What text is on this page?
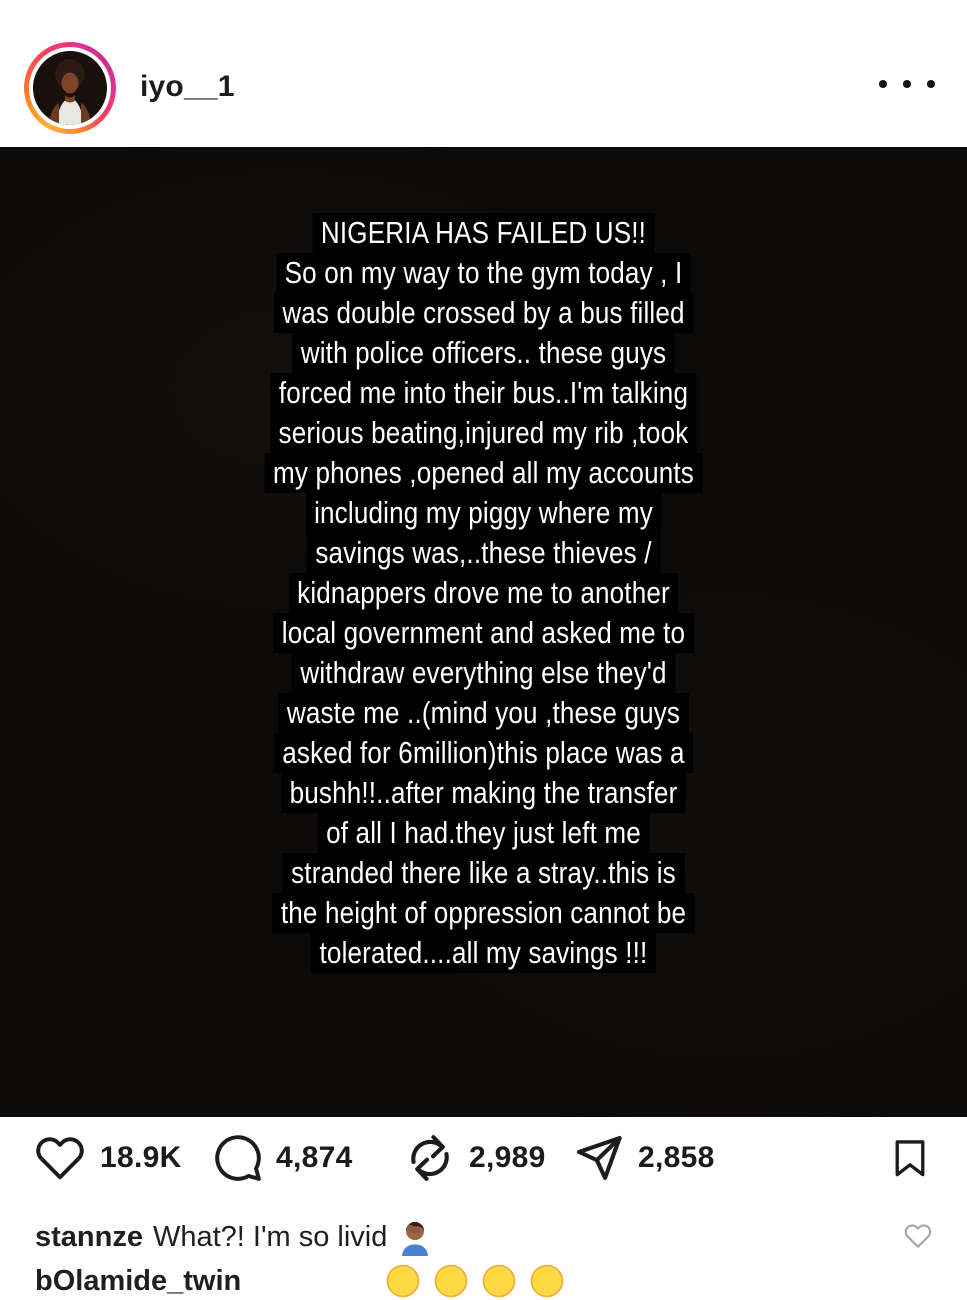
iyo__1
NIGERIA HAS FAILED US!!
So on my way to the gym today , I
was double crossed by a bus filled
with police officers.. these guys
forced me into their bus..I'm talking
serious beating,injured my rib ,took
my phones ,opened all my accounts
including my piggy where my
savings was,..these thieves /
kidnappers drove me to another
local government and asked me to
withdraw everything else they'd
waste me ..(mind you ,these guys
asked for 6million)this place was a
bushh!!..after making the transfer
of all I had.they just left me
stranded there like a stray..this is
the height of oppression cannot be
tolerated....all my savings !!!
18.9K	4,874	2,989	2,858
stannze What?! I'm so livid
bOlamide_twin
